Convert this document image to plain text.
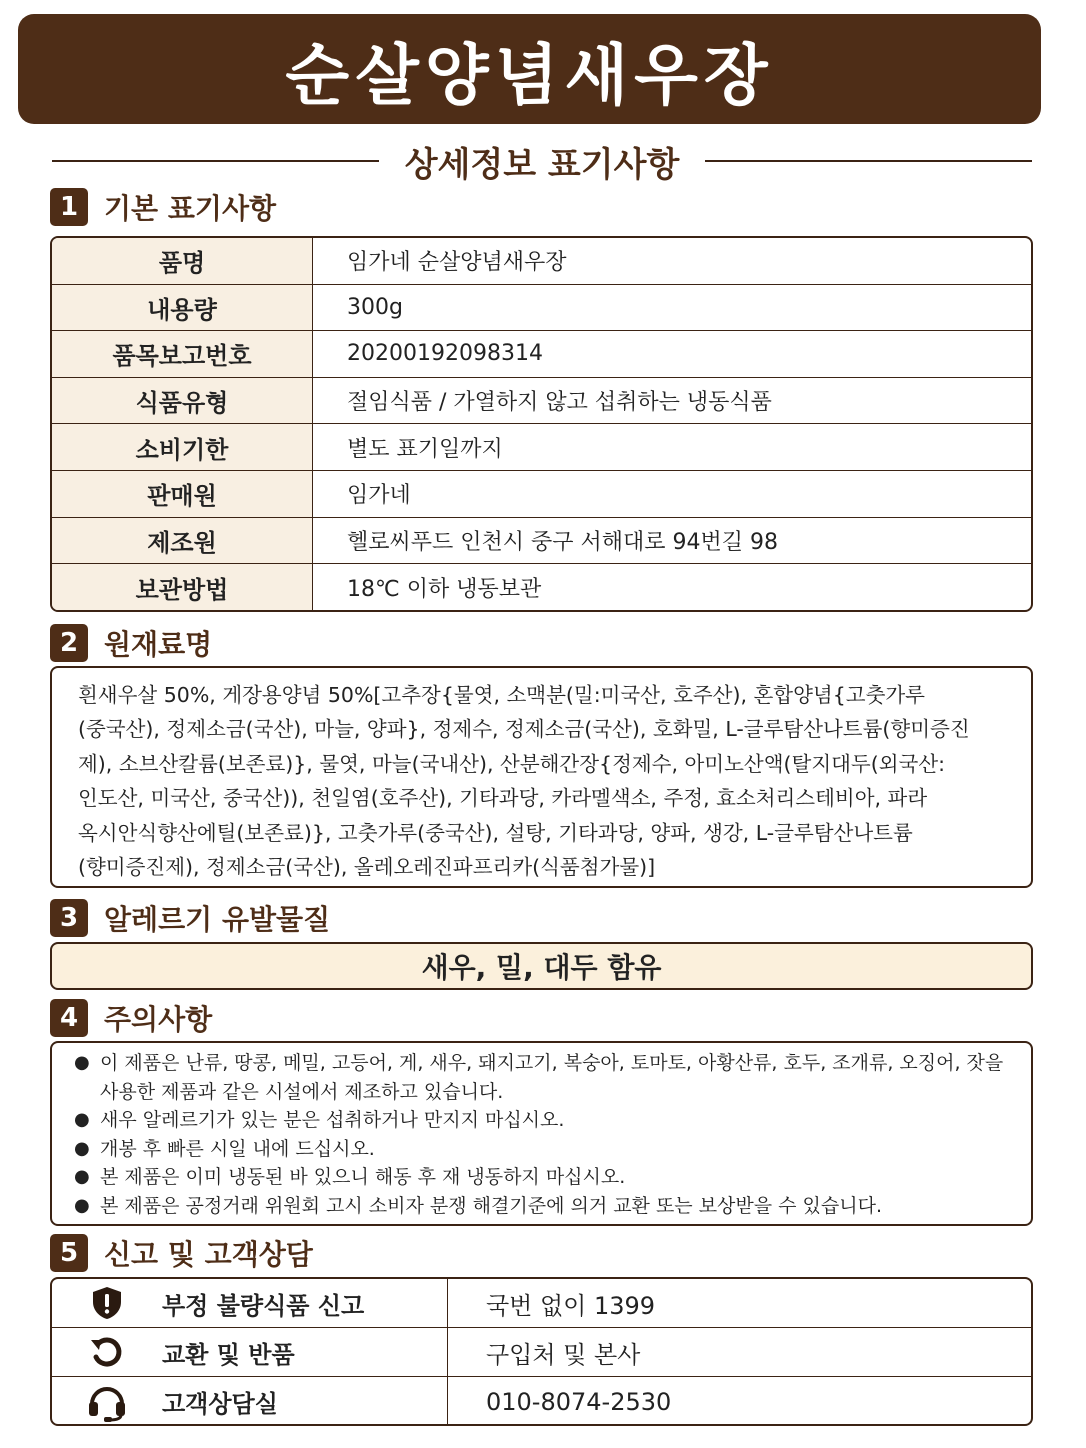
순살양념새우장
상세정보 표기사항
1 기본 표기사항
품명	임가네 순살양념새우장
내용량	300g
품목보고번호	20200192098314
식품유형	절임식품 / 가열하지 않고 섭취하는 냉동식품
소비기한	별도 표기일까지
판매원	임가네
제조원	헬로씨푸드 인천시 중구 서해대로 94번길 98
보관방법	18℃ 이하 냉동보관
2 원재료명
흰새우살 50%, 게장용양념 50%[고추장{물엿, 소맥분(밀:미국산, 호주산), 혼합양념{고춧가루
(중국산), 정제소금(국산), 마늘, 양파}, 정제수, 정제소금(국산), 호화밀, L-글루탐산나트륨(향미증진
제), 소브산칼륨(보존료)}, 물엿, 마늘(국내산), 산분해간장{정제수, 아미노산액(탈지대두(외국산:
인도산, 미국산, 중국산)), 천일염(호주산), 기타과당, 카라멜색소, 주정, 효소처리스테비아, 파라
옥시안식향산에틸(보존료)}, 고춧가루(중국산), 설탕, 기타과당, 양파, 생강, L-글루탐산나트륨
(향미증진제), 정제소금(국산), 올레오레진파프리카(식품첨가물)]
3 알레르기 유발물질
새우, 밀, 대두 함유
4 주의사항
● 이 제품은 난류, 땅콩, 메밀, 고등어, 게, 새우, 돼지고기, 복숭아, 토마토, 아황산류, 호두, 조개류, 오징어, 잣을
사용한 제품과 같은 시설에서 제조하고 있습니다.
● 새우 알레르기가 있는 분은 섭취하거나 만지지 마십시오.
● 개봉 후 빠른 시일 내에 드십시오.
● 본 제품은 이미 냉동된 바 있으니 해동 후 재 냉동하지 마십시오.
● 본 제품은 공정거래 위원회 고시 소비자 분쟁 해결기준에 의거 교환 또는 보상받을 수 있습니다.
5 신고 및 고객상담
부정 불량식품 신고	국번 없이 1399
교환 및 반품	구입처 및 본사
고객상담실	010-8074-2530
